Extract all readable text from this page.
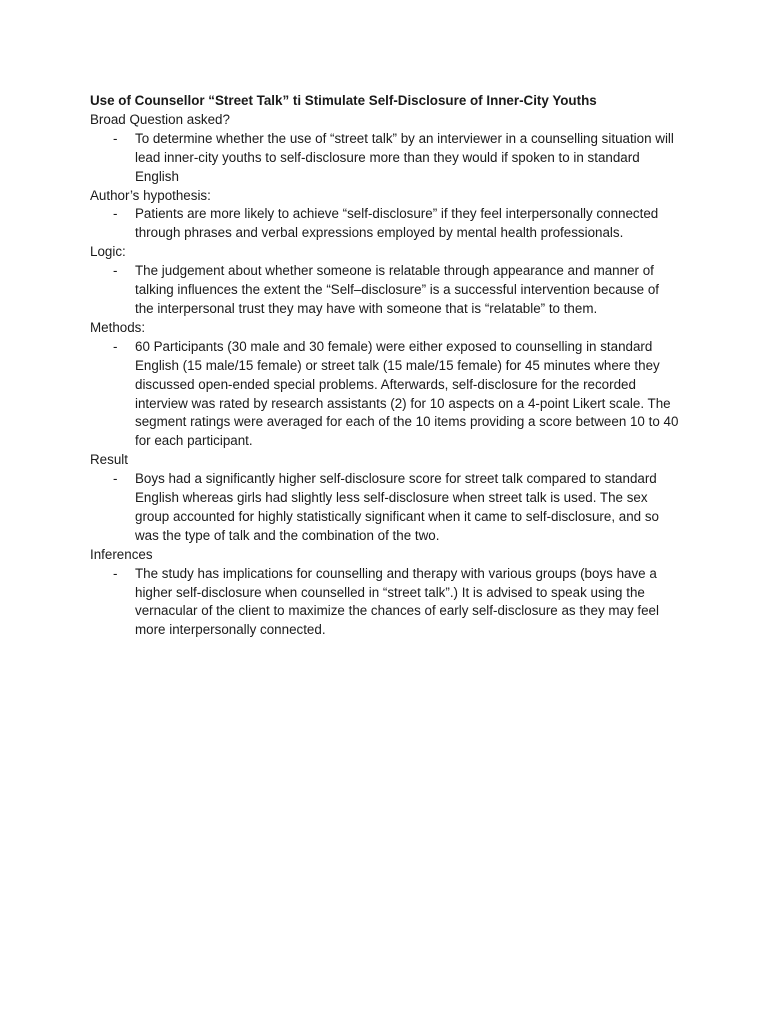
Use of Counsellor “Street Talk” ti Stimulate Self-Disclosure of Inner-City Youths

Broad Question asked?

- To determine whether the use of “street talk” by an interviewer in a counselling situation will lead inner-city youths to self-disclosure more than they would if spoken to in standard English

Author’s hypothesis:

- Patients are more likely to achieve “self-disclosure” if they feel interpersonally connected through phrases and verbal expressions employed by mental health professionals.

Logic:

- The judgement about whether someone is relatable through appearance and manner of talking influences the extent the “Self–disclosure” is a successful intervention because of the interpersonal trust they may have with someone that is “relatable” to them.

Methods:

- 60 Participants (30 male and 30 female) were either exposed to counselling in standard English (15 male/15 female) or street talk (15 male/15 female) for 45 minutes where they discussed open-ended special problems. Afterwards, self-disclosure for the recorded interview was rated by research assistants (2) for 10 aspects on a 4-point Likert scale. The segment ratings were averaged for each of the 10 items providing a score between 10 to 40 for each participant.

Result

- Boys had a significantly higher self-disclosure score for street talk compared to standard English whereas girls had slightly less self-disclosure when street talk is used. The sex group accounted for highly statistically significant when it came to self-disclosure, and so was the type of talk and the combination of the two.

Inferences

- The study has implications for counselling and therapy with various groups (boys have a higher self-disclosure when counselled in “street talk”.) It is advised to speak using the vernacular of the client to maximize the chances of early self-disclosure as they may feel more interpersonally connected.
